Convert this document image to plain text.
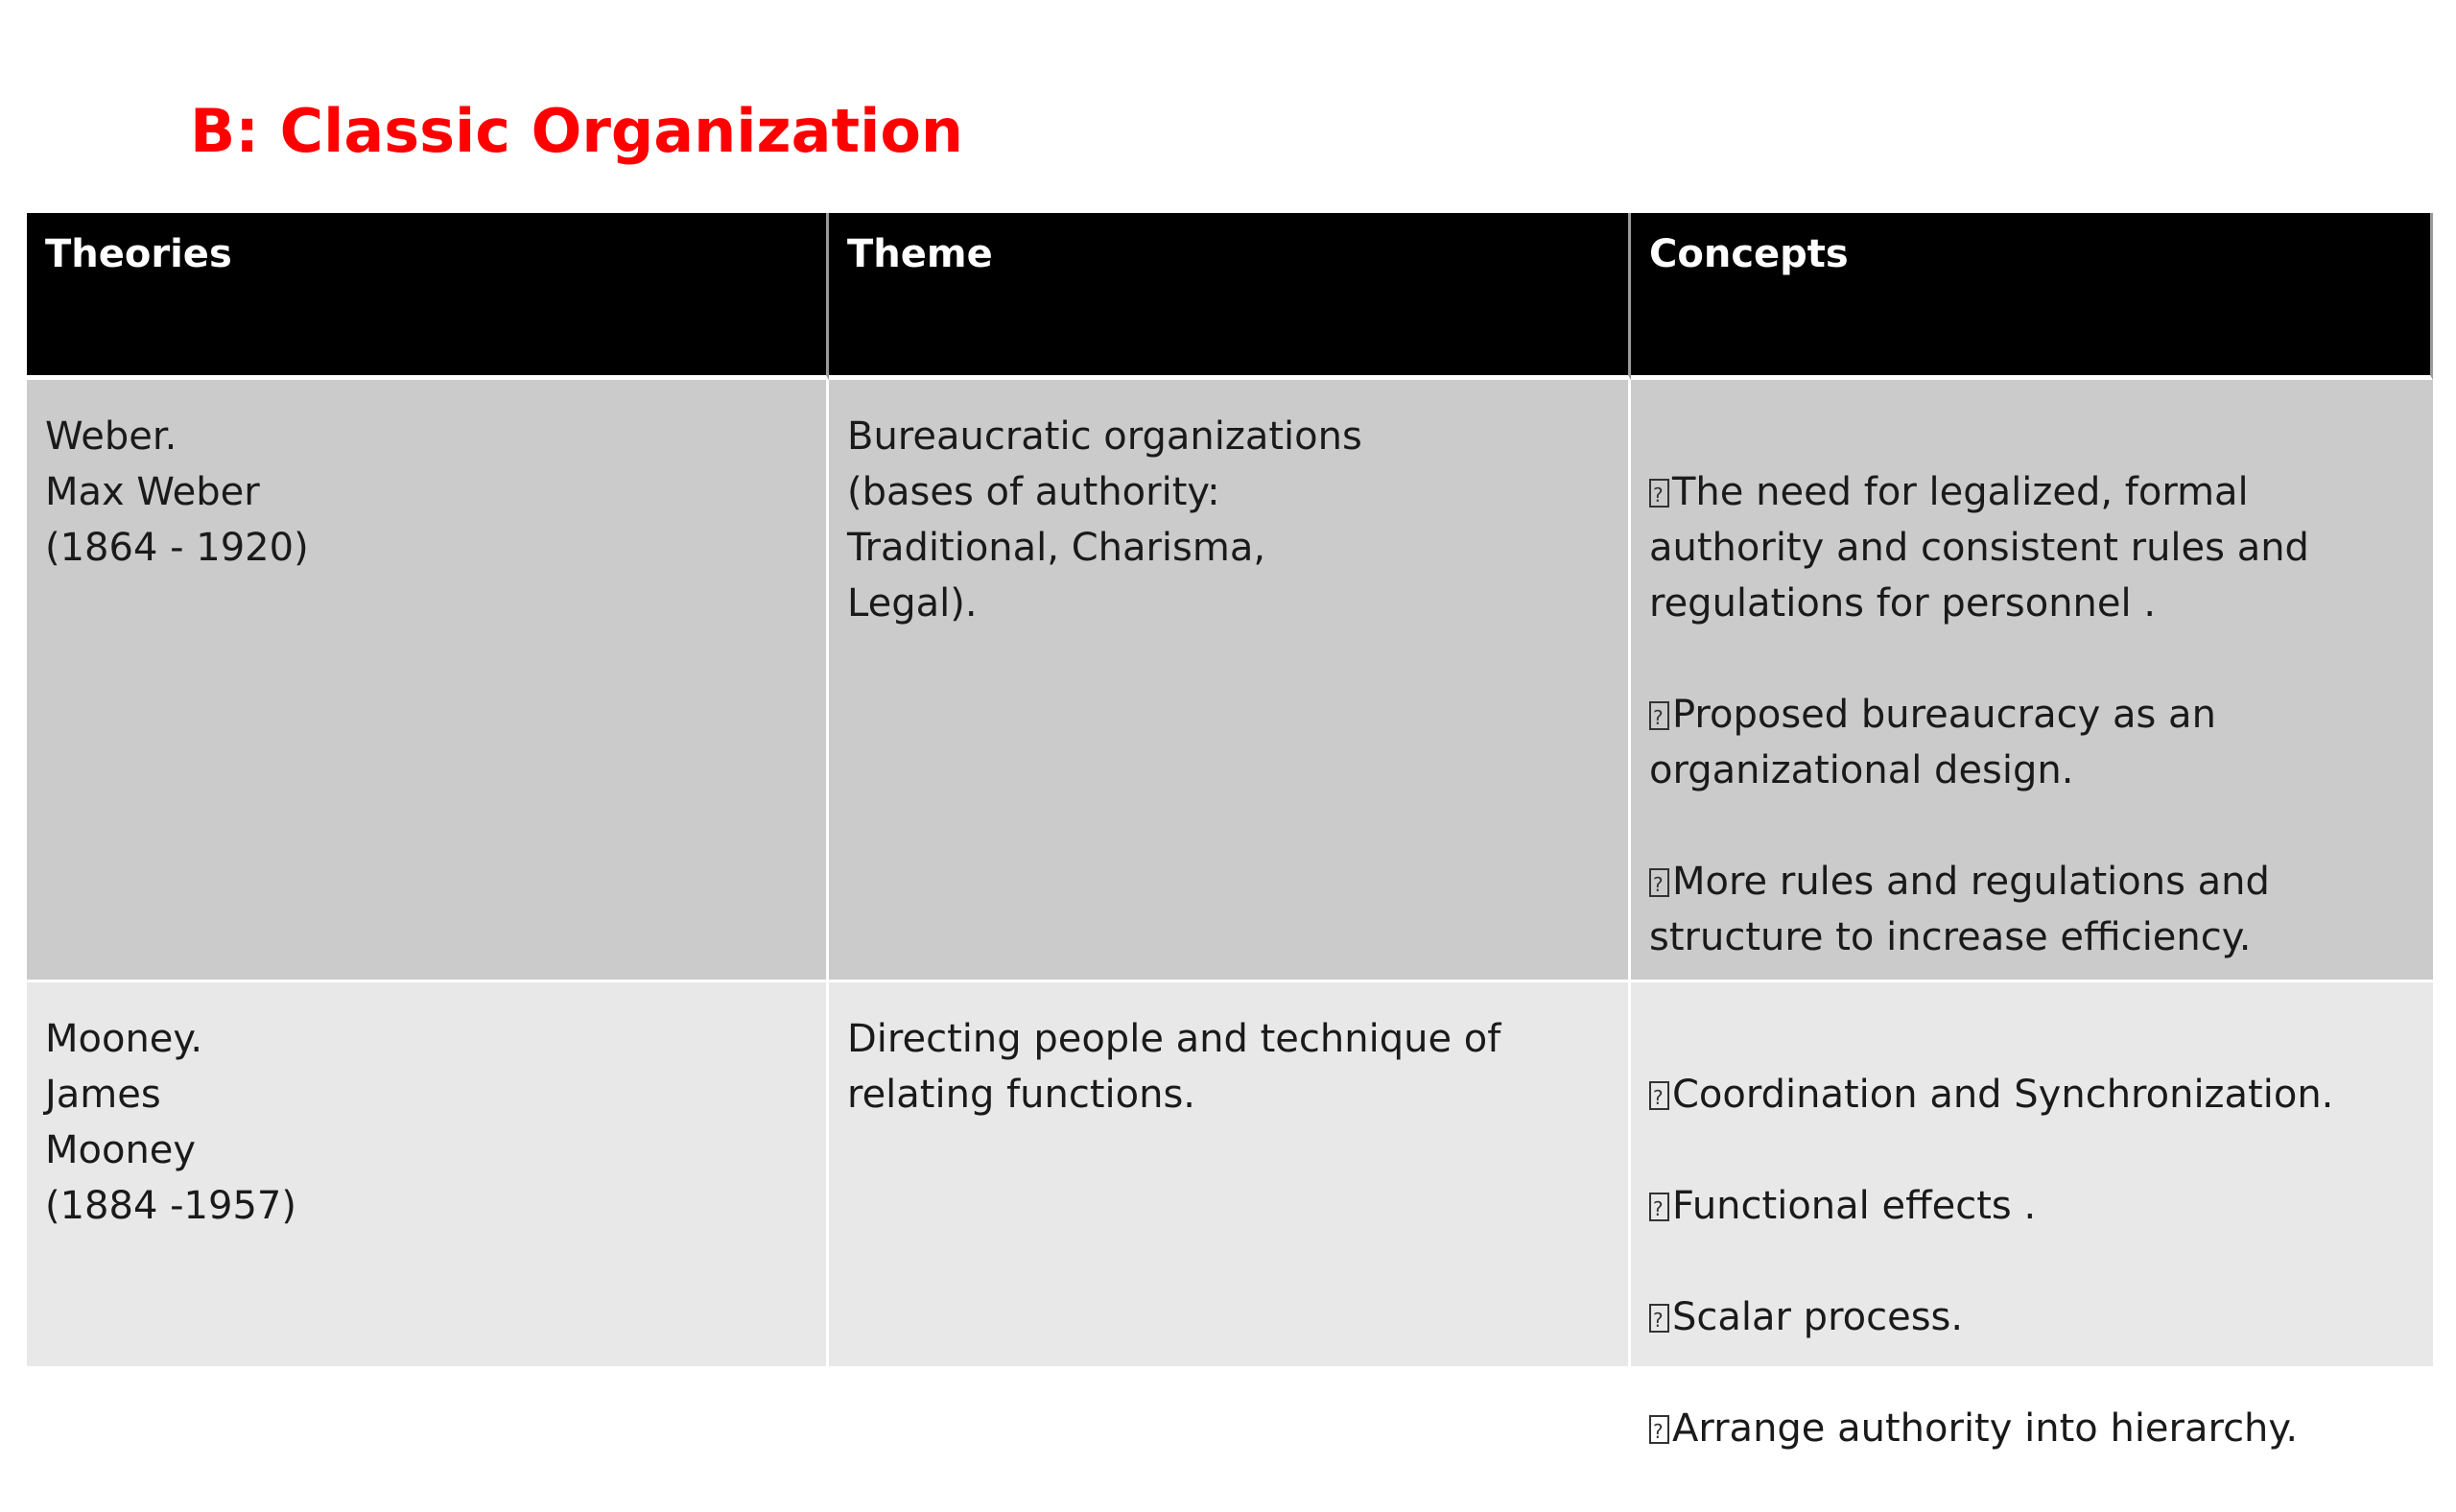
B: Classic Organization
Theories	Theme	Concepts
Weber.
Max Weber
(1864 - 1920)
Bureaucratic organizations
(bases of authority:
Traditional, Charisma,
Legal).

?The need for legalized, formal authority and consistent rules and regulations for personnel .

?Proposed bureaucracy as an organizational design.

?More rules and regulations and structure to increase efficiency.

Mooney.
James
Mooney
(1884 -1957)
Directing people and technique of relating functions.

?	Coordination and Synchronization.

?Functional effects .

?Scalar process.

?Arrange authority into hierarchy.
